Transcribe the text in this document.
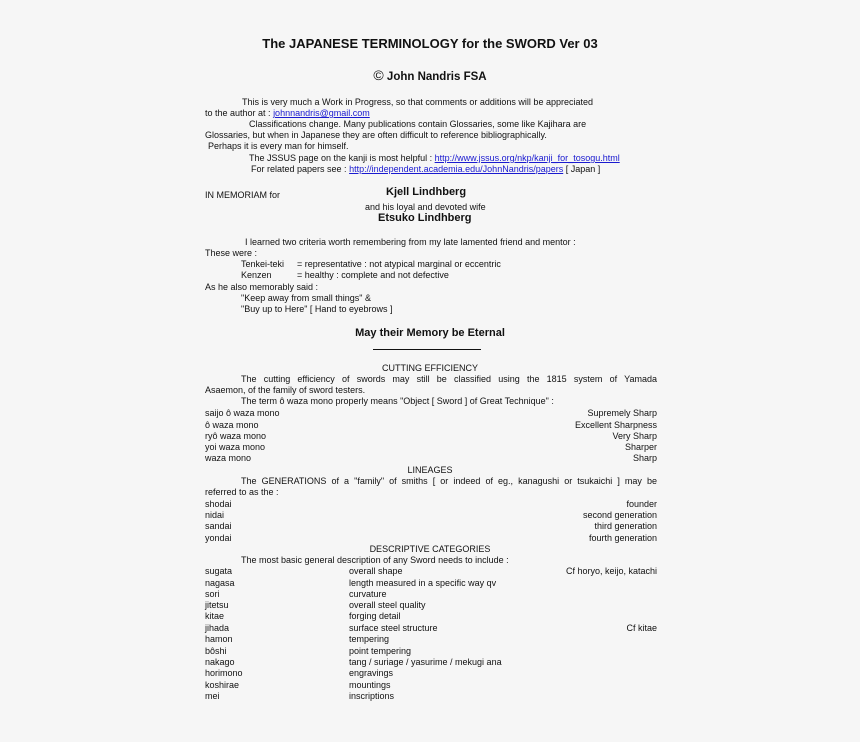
The JAPANESE TERMINOLOGY for the SWORD Ver 03
© John Nandris FSA
This is very much a Work in Progress, so that comments or additions will be appreciated
to the author at : johnnandris@gmail.com
Classifications change. Many publications contain Glossaries, some like Kajihara are
Glossaries, but when in Japanese they are often difficult to reference bibliographically.
Perhaps it is every man for himself.
The JSSUS page on the kanji is most helpful : http://www.jssus.org/nkp/kanji_for_tosogu.html
For related papers see : http://independent.academia.edu/JohnNandris/papers [ Japan ]
IN MEMORIAM for	Kjell Lindhberg
and his loyal and devoted wife
Etsuko Lindhberg
I learned two criteria worth remembering from my late lamented friend and mentor :
These were :
Tenkei-teki = representative : not atypical marginal or eccentric
Kenzen	= healthy : complete and not defective
As he also memorably said :
"Keep away from small things" &
"Buy up to Here" [ Hand to eyebrows ]
May their Memory be Eternal
CUTTING EFFICIENCY
The cutting efficiency of swords may still be classified using the 1815 system of Yamada
Asaemon, of the family of sword testers.
The term ô waza mono properly means "Object [ Sword ] of Great Technique" :
saijo ô waza mono	Supremely Sharp
ô waza mono	Excellent Sharpness
ryô waza mono	Very Sharp
yoi waza mono	Sharper
waza mono	Sharp
LINEAGES
The GENERATIONS of a "family" of smiths [ or indeed of eg., kanagushi or tsukaichi ] may be
referred to as the :
shodai	founder
nidai	second generation
sandai	third generation
yondai	fourth generation
DESCRIPTIVE CATEGORIES
The most basic general description of any Sword needs to include :
sugata	overall shape	Cf horyo, keijo, katachi
nagasa	length measured in a specific way qv
sori	curvature
jitetsu	overall steel quality
kitae	forging detail
jihada	surface steel structure	Cf kitae
hamon	tempering
bôshi	point tempering
nakago	tang / suriage / yasurime / mekugi ana
horimono	engravings
koshirae	mountings
mei	inscriptions
